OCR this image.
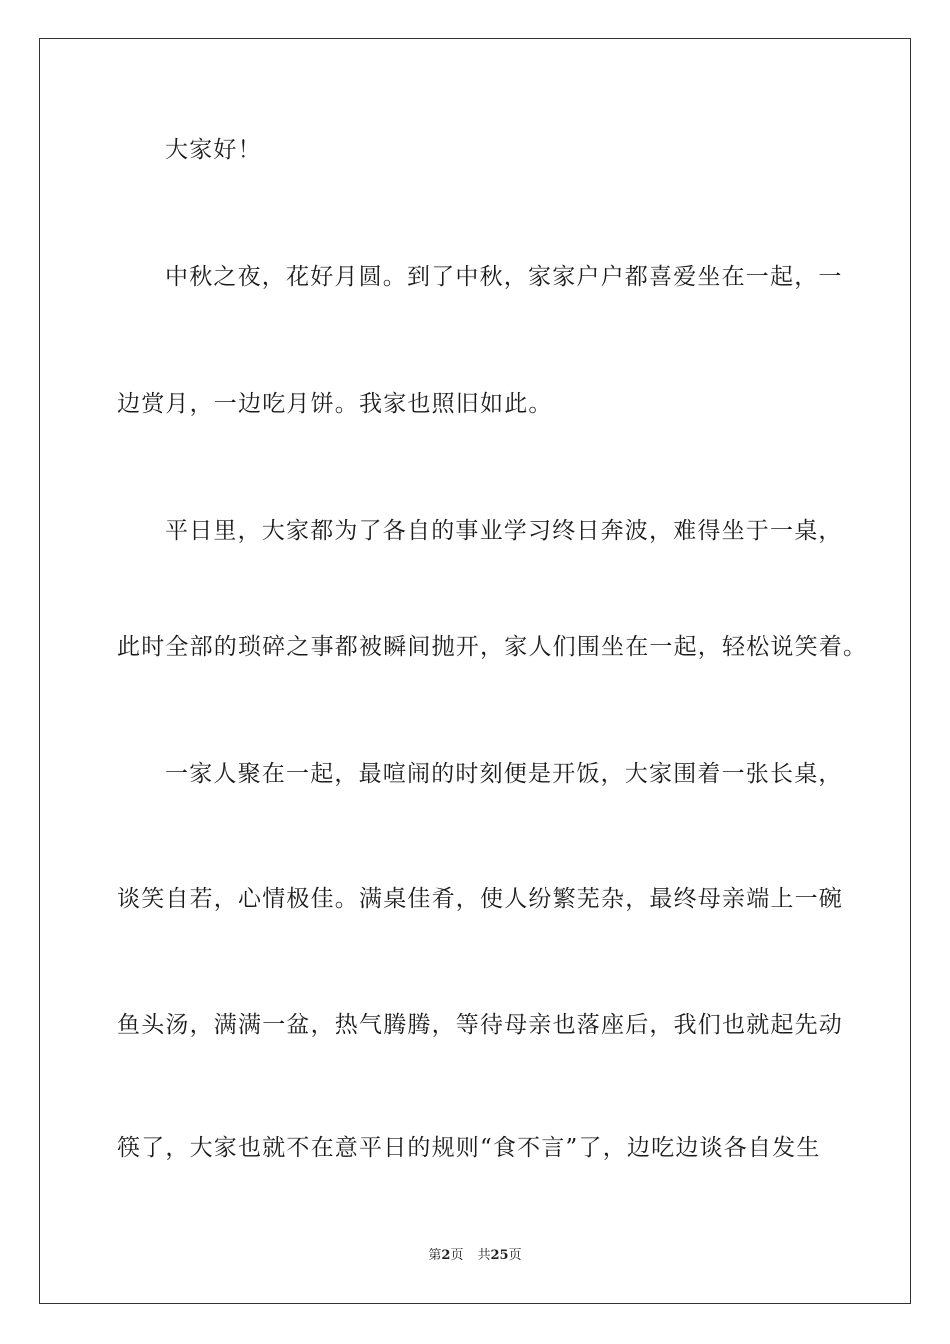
大家好！
中秋之夜，花好月圆。到了中秋，家家户户都喜爱坐在一起，一
边赏月，一边吃月饼。我家也照旧如此。
平日里，大家都为了各自的事业学习终日奔波，难得坐于一桌，
此时全部的琐碎之事都被瞬间抛开，家人们围坐在一起，轻松说笑着。
一家人聚在一起，最喧闹的时刻便是开饭，大家围着一张长桌，
谈笑自若，心情极佳。满桌佳肴，使人纷繁芜杂，最终母亲端上一碗
鱼头汤，满满一盆，热气腾腾，等待母亲也落座后，我们也就起先动
筷了，大家也就不在意平日的规则“食不言”了，边吃边谈各自发生
第2页 共25页
